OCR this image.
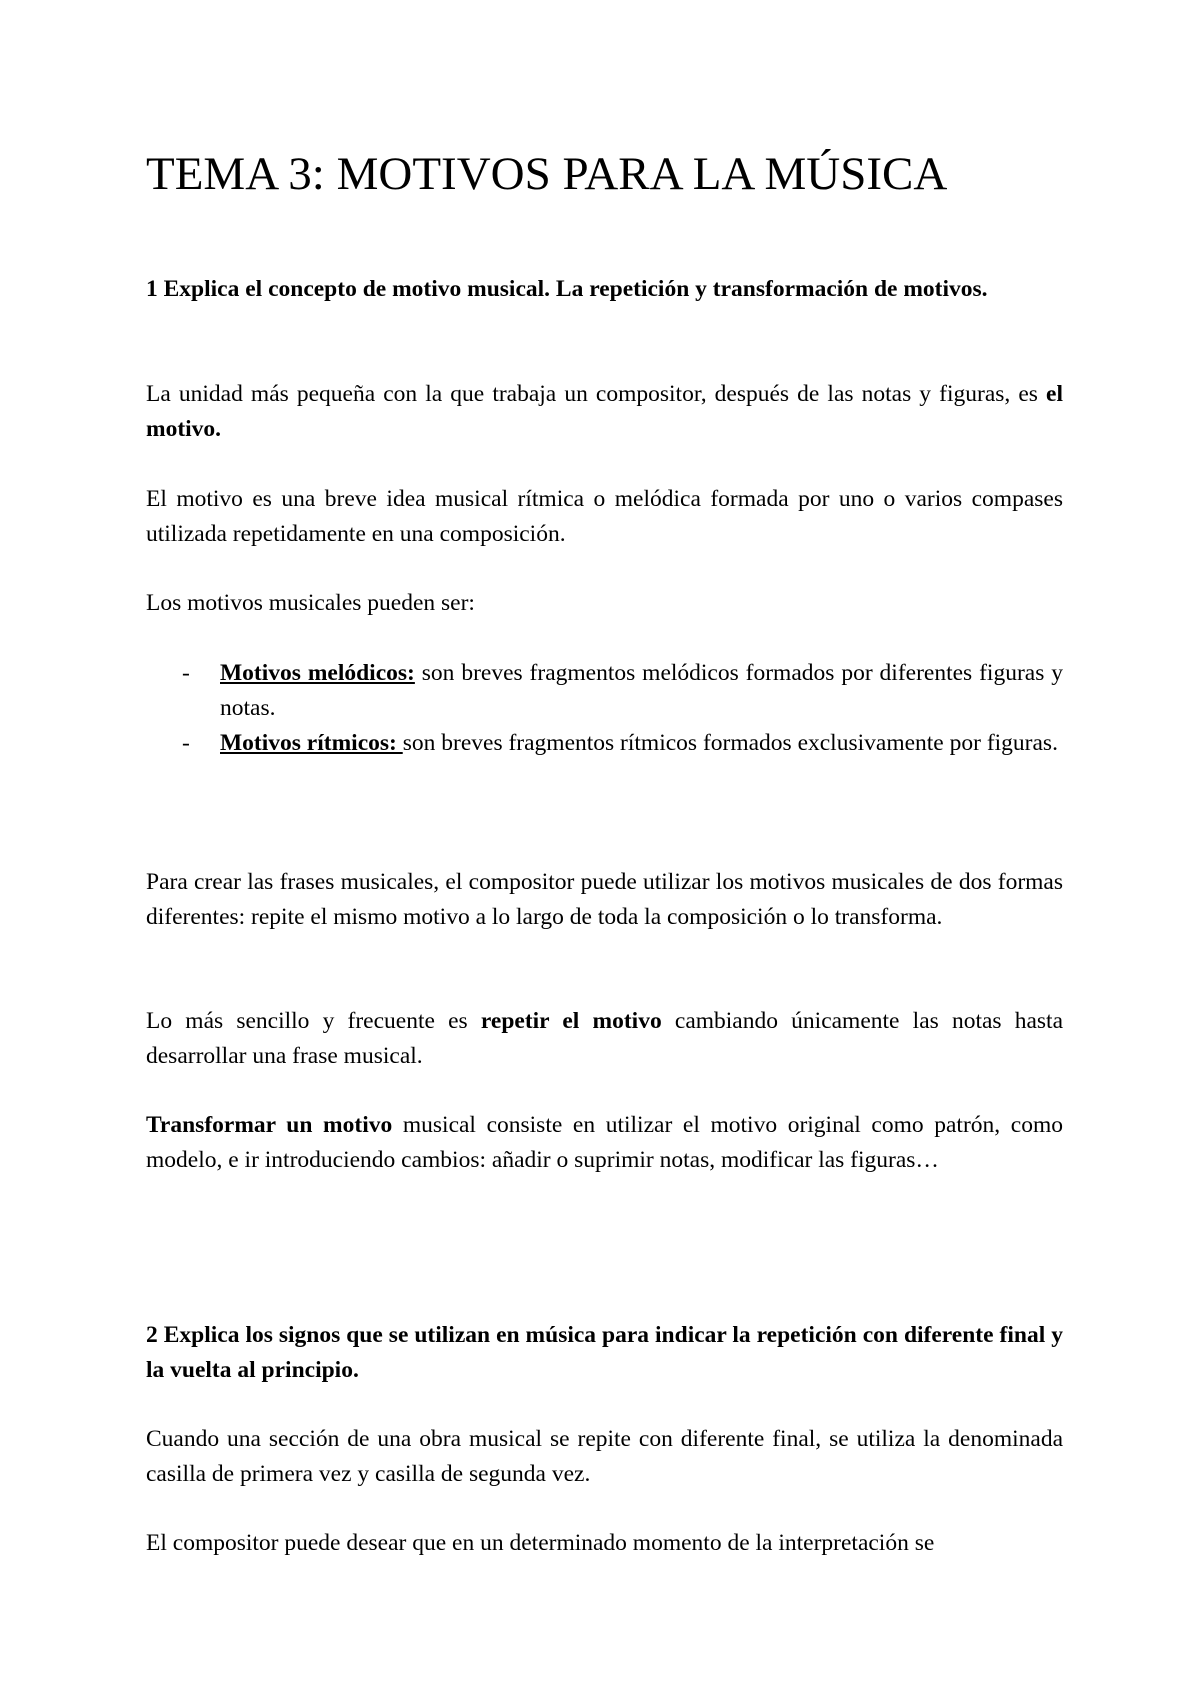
TEMA 3: MOTIVOS PARA LA MÚSICA

1 Explica el concepto de motivo musical. La repetición y transformación de motivos.

La unidad más pequeña con la que trabaja un compositor, después de las notas y figuras, es el motivo.

El motivo es una breve idea musical rítmica o melódica formada por uno o varios compases utilizada repetidamente en una composición.

Los motivos musicales pueden ser:

- Motivos melódicos: son breves fragmentos melódicos formados por diferentes figuras y notas.
- Motivos rítmicos: son breves fragmentos rítmicos formados exclusivamente por figuras.

Para crear las frases musicales, el compositor puede utilizar los motivos musicales de dos formas diferentes: repite el mismo motivo a lo largo de toda la composición o lo transforma.

Lo más sencillo y frecuente es repetir el motivo cambiando únicamente las notas hasta desarrollar una frase musical.

Transformar un motivo musical consiste en utilizar el motivo original como patrón, como modelo, e ir introduciendo cambios: añadir o suprimir notas, modificar las figuras…

2 Explica los signos que se utilizan en música para indicar la repetición con diferente final y la vuelta al principio.

Cuando una sección de una obra musical se repite con diferente final, se utiliza la denominada casilla de primera vez y casilla de segunda vez.

El compositor puede desear que en un determinado momento de la interpretación se
